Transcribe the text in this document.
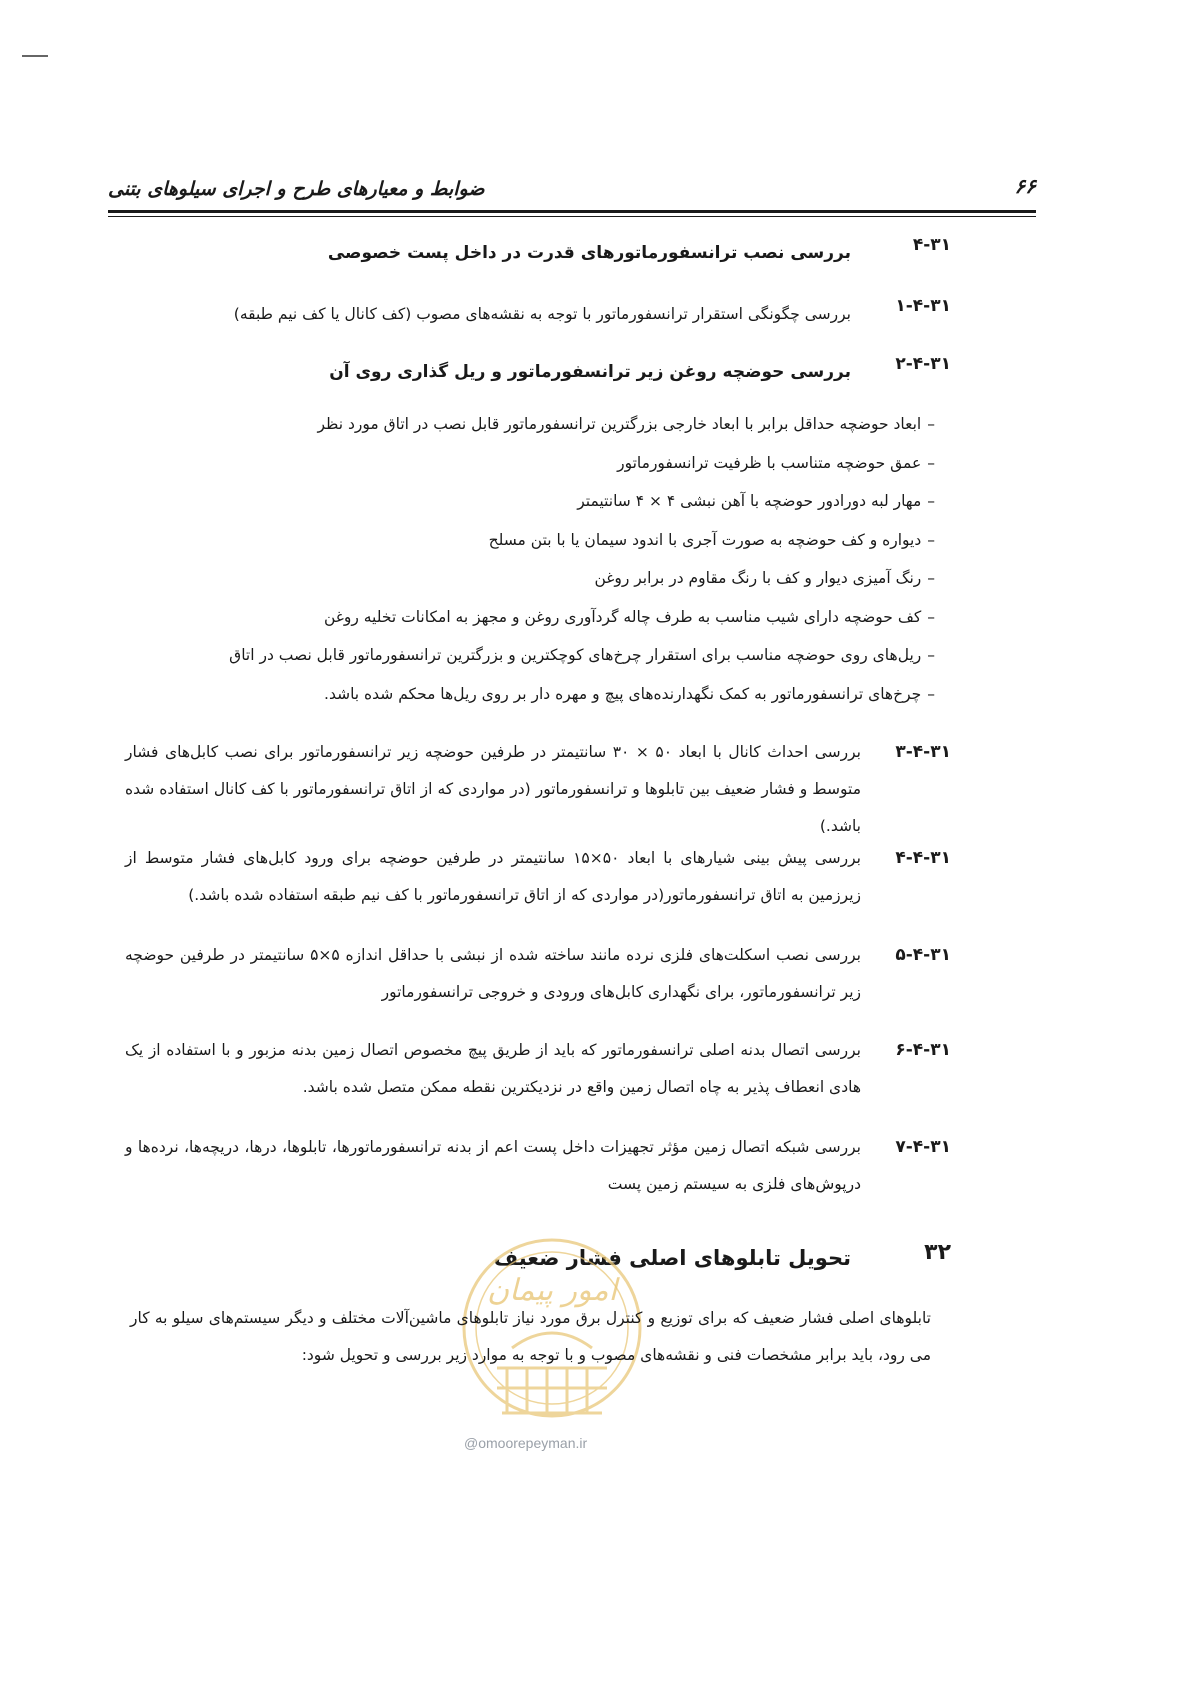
ضوابط و معیارهای طرح و اجرای سیلوهای بتنی	۶۶
۴-۳۱
بررسی نصب ترانسفورماتورهای قدرت در داخل پست خصوصی
۱-۴-۳۱
بررسی چگونگی استقرار ترانسفورماتور با توجه به نقشه‌های مصوب (کف کانال یا کف نیم طبقه)
۲-۴-۳۱
بررسی حوضچه روغن زیر ترانسفورماتور و ریل گذاری روی آن
–ابعاد حوضچه حداقل برابر با ابعاد خارجی بزرگترین ترانسفورماتور قابل نصب در اتاق مورد نظر
–عمق حوضچه متناسب با ظرفیت ترانسفورماتور
–مهار لبه دورادور حوضچه با آهن نبشی ۴ × ۴ سانتیمتر
–دیواره و کف حوضچه به صورت آجری با اندود سیمان یا با بتن مسلح
–رنگ آمیزی دیوار و کف با رنگ مقاوم در برابر روغن
–کف حوضچه دارای شیب مناسب به طرف چاله گردآوری روغن و مجهز به امکانات تخلیه روغن
–ریل‌های روی حوضچه مناسب برای استقرار چرخ‌های کوچکترین و بزرگترین ترانسفورماتور قابل نصب در اتاق
–چرخ‌های ترانسفورماتور به کمک نگهدارنده‌های پیچ و مهره دار بر روی ریل‌ها محکم شده باشد.
۳-۴-۳۱
بررسی احداث کانال با ابعاد ۵۰ × ۳۰ سانتیمتر در طرفین حوضچه زیر ترانسفورماتور برای نصب کابل‌های فشار متوسط و فشار ضعیف بین تابلوها و ترانسفورماتور (در مواردی که از اتاق ترانسفورماتور با کف کانال استفاده شده باشد.)
۴-۴-۳۱
بررسی پیش بینی شیارهای با ابعاد ۵۰×۱۵ سانتیمتر در طرفین حوضچه برای ورود کابل‌های فشار متوسط از زیرزمین به اتاق ترانسفورماتور(در مواردی که از اتاق ترانسفورماتور با کف نیم طبقه استفاده شده باشد.)
۵-۴-۳۱
بررسی نصب اسکلت‌های فلزی نرده مانند ساخته شده از نبشی با حداقل اندازه ۵×۵ سانتیمتر در طرفین حوضچه زیر ترانسفورماتور، برای نگهداری کابل‌های ورودی و خروجی ترانسفورماتور
۶-۴-۳۱
بررسی اتصال بدنه اصلی ترانسفورماتور که باید از طریق پیچ مخصوص اتصال زمین بدنه مزبور و با استفاده از یک هادی انعطاف پذیر به چاه اتصال زمین واقع در نزدیکترین نقطه ممکن متصل شده باشد.
۷-۴-۳۱
بررسی شبکه اتصال زمین مؤثر تجهیزات داخل پست اعم از بدنه ترانسفورماتورها، تابلوها، درها، دریچه‌ها، نرده‌ها و درپوش‌های فلزی به سیستم زمین پست
۳۲
تحویل تابلوهای اصلی فشار ضعیف
امور پیمان
@omoorepeyman.ir
تابلوهای اصلی فشار ضعیف که برای توزیع و کنترل برق مورد نیاز تابلوهای ماشین‌آلات مختلف و دیگر سیستم‌های سیلو به کار می رود، باید برابر مشخصات فنی و نقشه‌های مصوب و با توجه به موارد زیر بررسی و تحویل شود:
